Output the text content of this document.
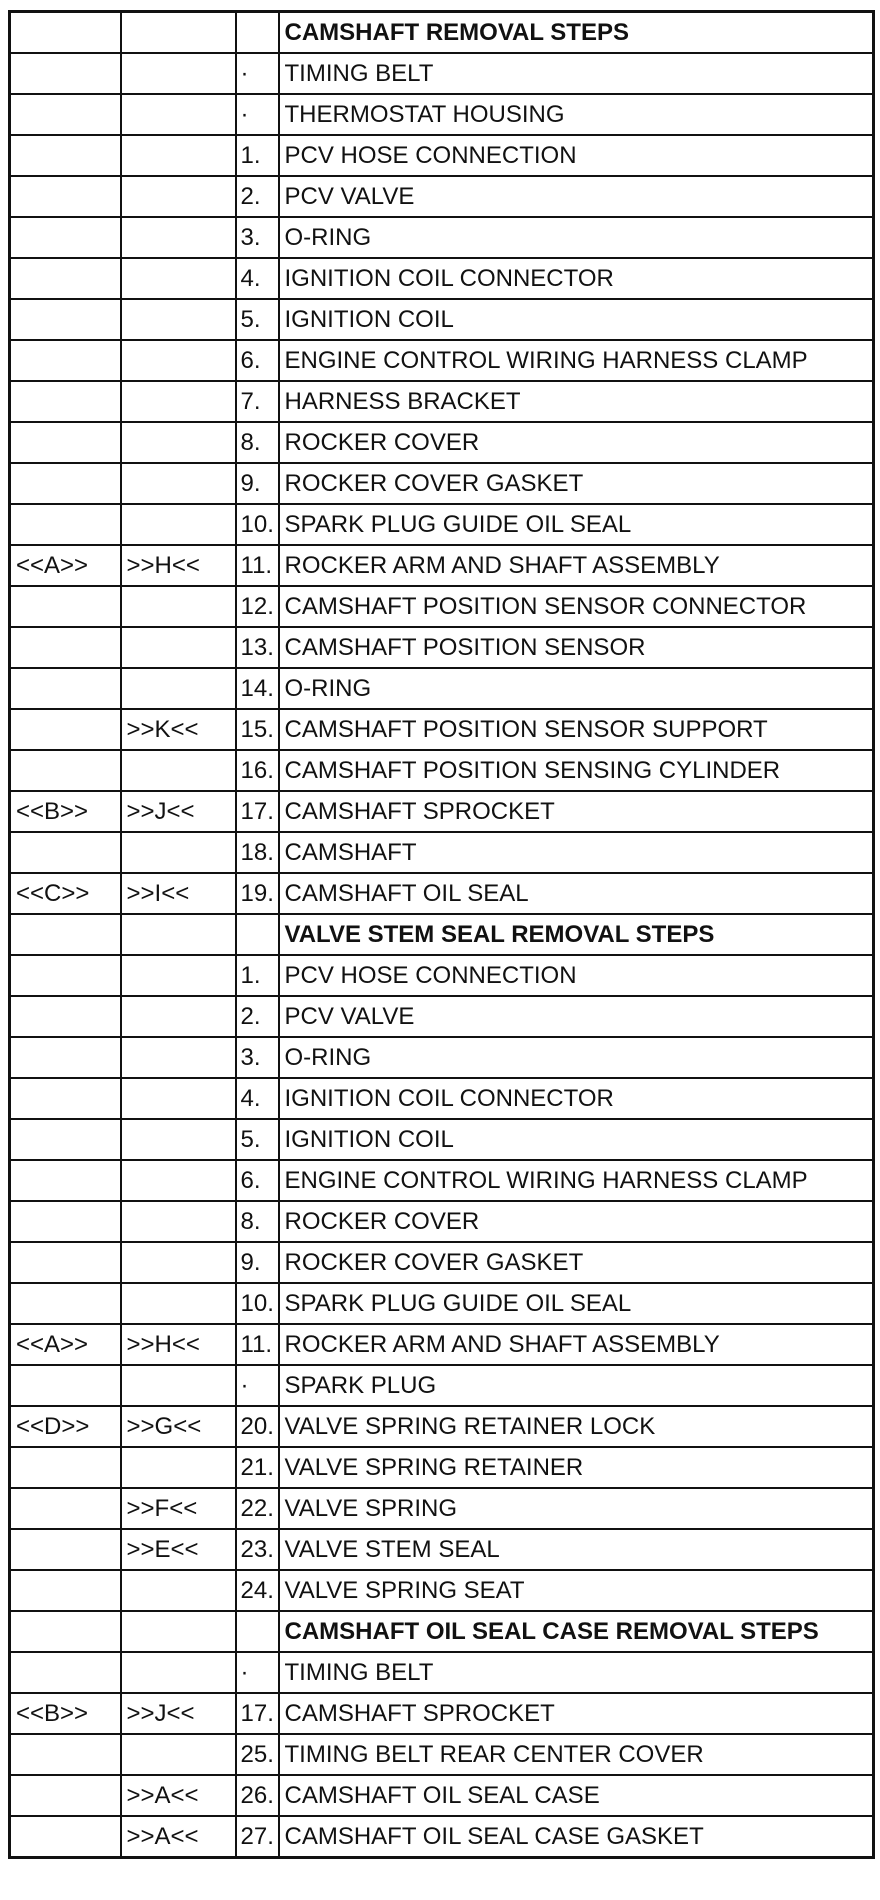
			CAMSHAFT REMOVAL STEPS
		·	TIMING BELT
		·	THERMOSTAT HOUSING
		1.	PCV HOSE CONNECTION
		2.	PCV VALVE
		3.	O-RING
		4.	IGNITION COIL CONNECTOR
		5.	IGNITION COIL
		6.	ENGINE CONTROL WIRING HARNESS CLAMP
		7.	HARNESS BRACKET
		8.	ROCKER COVER
		9.	ROCKER COVER GASKET
		10.	SPARK PLUG GUIDE OIL SEAL
<<A>>	>>H<<	11.	ROCKER ARM AND SHAFT ASSEMBLY
		12.	CAMSHAFT POSITION SENSOR CONNECTOR
		13.	CAMSHAFT POSITION SENSOR
		14.	O-RING
	>>K<<	15.	CAMSHAFT POSITION SENSOR SUPPORT
		16.	CAMSHAFT POSITION SENSING CYLINDER
<<B>>	>>J<<	17.	CAMSHAFT SPROCKET
		18.	CAMSHAFT
<<C>>	>>I<<	19.	CAMSHAFT OIL SEAL
			VALVE STEM SEAL REMOVAL STEPS
		1.	PCV HOSE CONNECTION
		2.	PCV VALVE
		3.	O-RING
		4.	IGNITION COIL CONNECTOR
		5.	IGNITION COIL
		6.	ENGINE CONTROL WIRING HARNESS CLAMP
		8.	ROCKER COVER
		9.	ROCKER COVER GASKET
		10.	SPARK PLUG GUIDE OIL SEAL
<<A>>	>>H<<	11.	ROCKER ARM AND SHAFT ASSEMBLY
		·	SPARK PLUG
<<D>>	>>G<<	20.	VALVE SPRING RETAINER LOCK
		21.	VALVE SPRING RETAINER
	>>F<<	22.	VALVE SPRING
	>>E<<	23.	VALVE STEM SEAL
		24.	VALVE SPRING SEAT
			CAMSHAFT OIL SEAL CASE REMOVAL STEPS
		·	TIMING BELT
<<B>>	>>J<<	17.	CAMSHAFT SPROCKET
		25.	TIMING BELT REAR CENTER COVER
	>>A<<	26.	CAMSHAFT OIL SEAL CASE
	>>A<<	27.	CAMSHAFT OIL SEAL CASE GASKET
